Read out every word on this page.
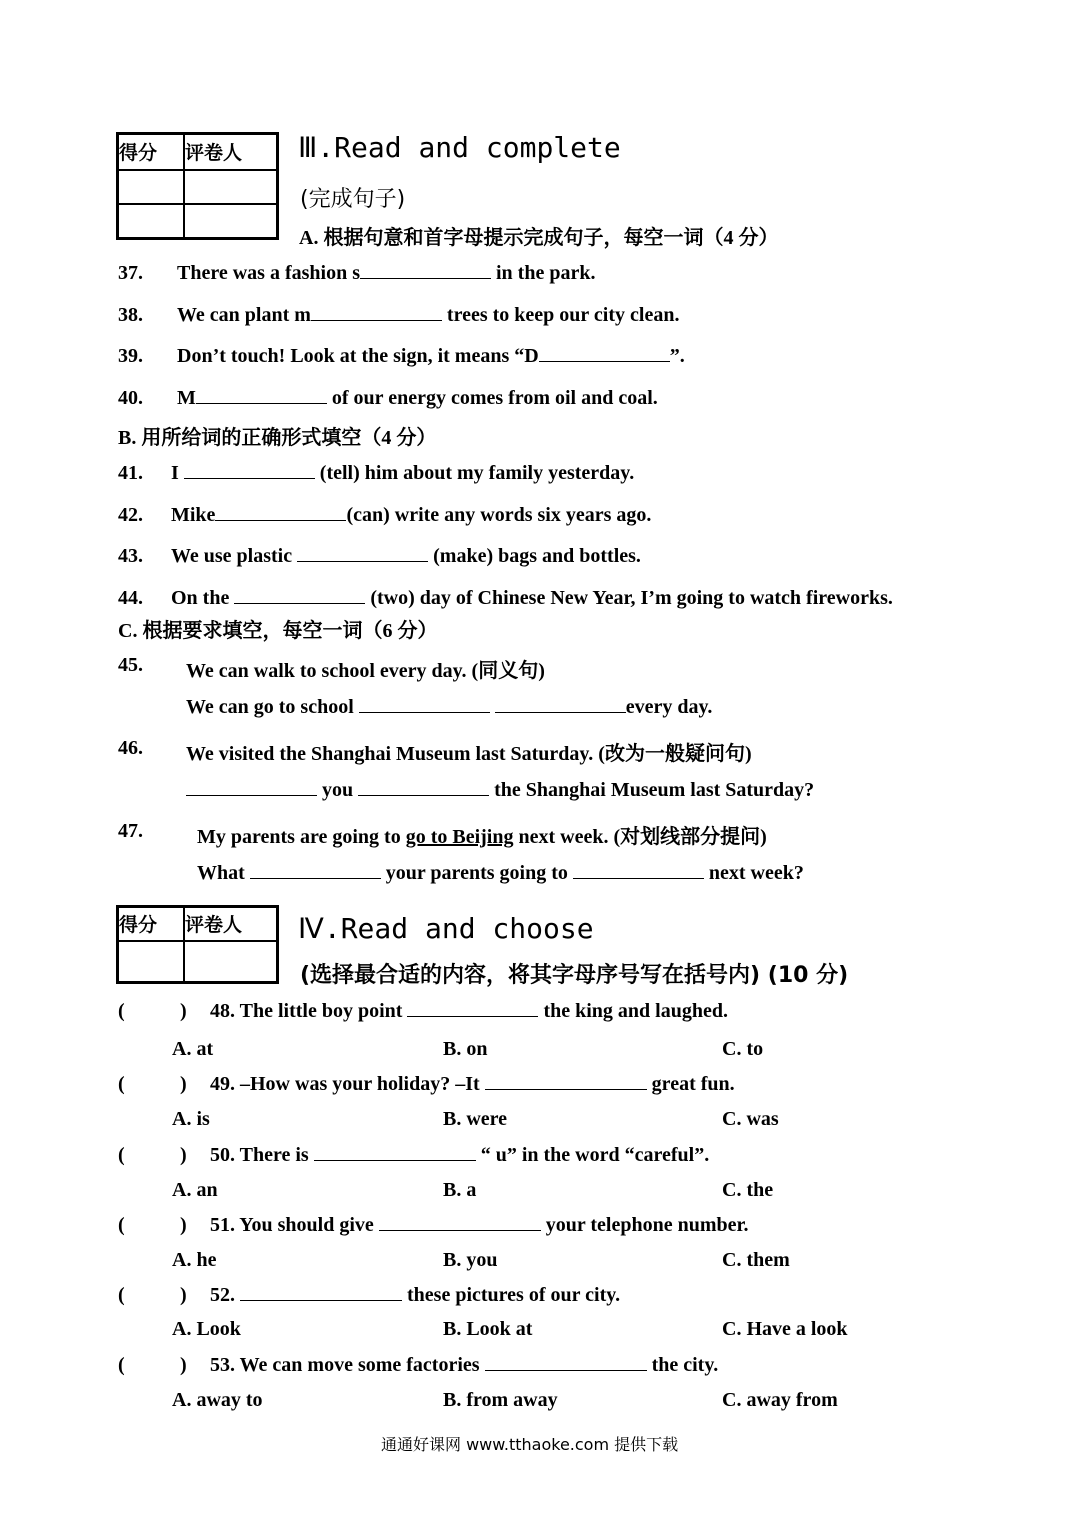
得分	评卷人

	Ⅲ.Read and complete
(完成句子)
A. 根据句意和首字母提示完成句子，每空一词（4 分）
37. There was a fashion s	in the park.
38. We can plant m	trees to keep our city clean.
39. Don’t touch! Look at the sign, it means “D	”.
40. M	of our energy comes from oil and coal.
B. 用所给词的正确形式填空（4 分）
41. I	(tell) him about my family yesterday.
42. Mike	(can) write any words six years ago.
43. We use plastic	(make) bags and bottles.
44. On the	(two) day of Chinese New Year, I’m going to watch fireworks.
C. 根据要求填空，每空一词（6 分）
45. We can walk to school every day. (同义句)
We can go to school	every day.
46. We visited the Shanghai Museum last Saturday. (改为一般疑问句)
you	the Shanghai Museum last Saturday?
47.	My parents are going to go to Beijing next week. (对划线部分提问)
What	your parents going to	next week?
得分	评卷人
	Ⅳ.Read and choose
(选择最合适的内容，将其字母序号写在括号内) (10 分)
(	) 48. The little boy point	the king and laughed.
A. at	B. on	C. to
(	) 49. –How was your holiday? –It	great fun.
A. is	B. were	C. was
(	) 50. There is	“ u” in the word “careful”.
A. an	B. a	C. the
(	) 51. You should give	your telephone number.
A. he	B. you	C. them
(	) 52.	these pictures of our city.
A. Look	B. Look at	C. Have a look
(	) 53. We can move some factories	the city.
A. away to	B. from away	C. away from
通通好课网 www.tthaoke.com 提供下载
